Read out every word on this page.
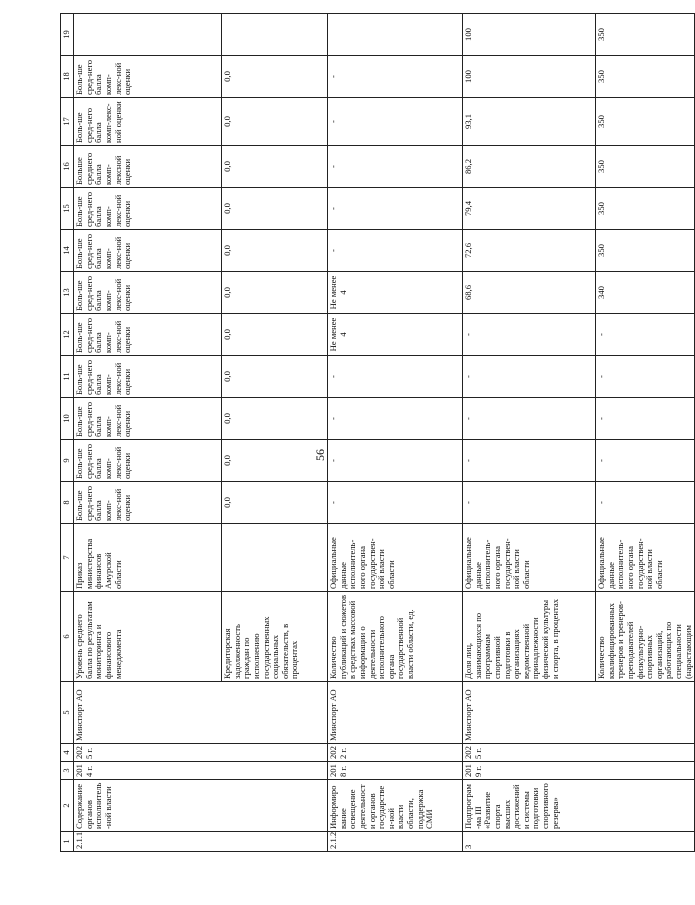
56
1	2	3	4	5	6	7	8	9	10	11	12	13	14	15	16	17	18	19
2.1.1	Содержание органов исполнитель-ной власти	2014 г.	2025 г.	Минспорт АО	Уровень среднего балла по результатам мониторинга и финансового менеджмента	Приказ министерства финансов Амурской области	Боль-ше сред-него балла комп-лекс-ной оценки	Боль-ше сред-него балла комп-лекс-ной оценки	Боль-ше сред-него балла комп-лекс-ной оценки	Боль-ше сред-него балла комп-лекс-ной оценки	Боль-ше сред-него балла комп-лекс-ной оценки	Боль-ше сред-него балла комп-лекс-ной оценки	Боль-ше сред-него балла комп-лекс-ной оценки	Боль-ше сред-него балла комп-лекс-ной оценки	Больше среднего балла комп-лексной оценки	Боль-ше сред-него балла комп-лекс-ной оценки	Боль-ше сред-него балла комп-лекс-ной оценки	
					Кредиторская задолженность граждан по исполнению государственных социальных обязательств, в процентах		0,0	0,0	0,0	0,0	0,0	0,0	0,0	0,0	0,0	0,0	0,0	
2.1.2	Информирование освещение деятельности органов государствен-ной власти области, поддержка СМИ	2018 г.	2022 г.	Минспорт АО	Количество публикаций и сюжетов в средствах массовой информации о деятельности исполнительного органа государственной власти области, ед.	Официальные данные исполнитель-ного органа государствен-ной власти области	-	-	-	-	Не менее 4	Не менее 4	-	-	-	-	-	
3	Подпрограм-ма III «Развитие спорта высших достижений и системы подготовки спортивного резерва»	2019 г.	2025 г.	Минспорт АО	Доля лиц, занимающихся по программам спортивной подготовки в организациях ведомственной принадлежности физической культуры и спорта, в процентах	Официальные данные исполнитель-ного органа государствен-ной власти области	-	-	-	-	-	68,6	72,6	79,4	86,2	93,1	100	100
					Количество квалифицированных тренеров и тренеров-преподавателей физкультурно-спортивных организаций, работающих по специальности (нарастающим	Официальные данные исполнитель-ного органа государствен-ной власти области	-	-	-	-	-	340	350	350	350	350	350	350
